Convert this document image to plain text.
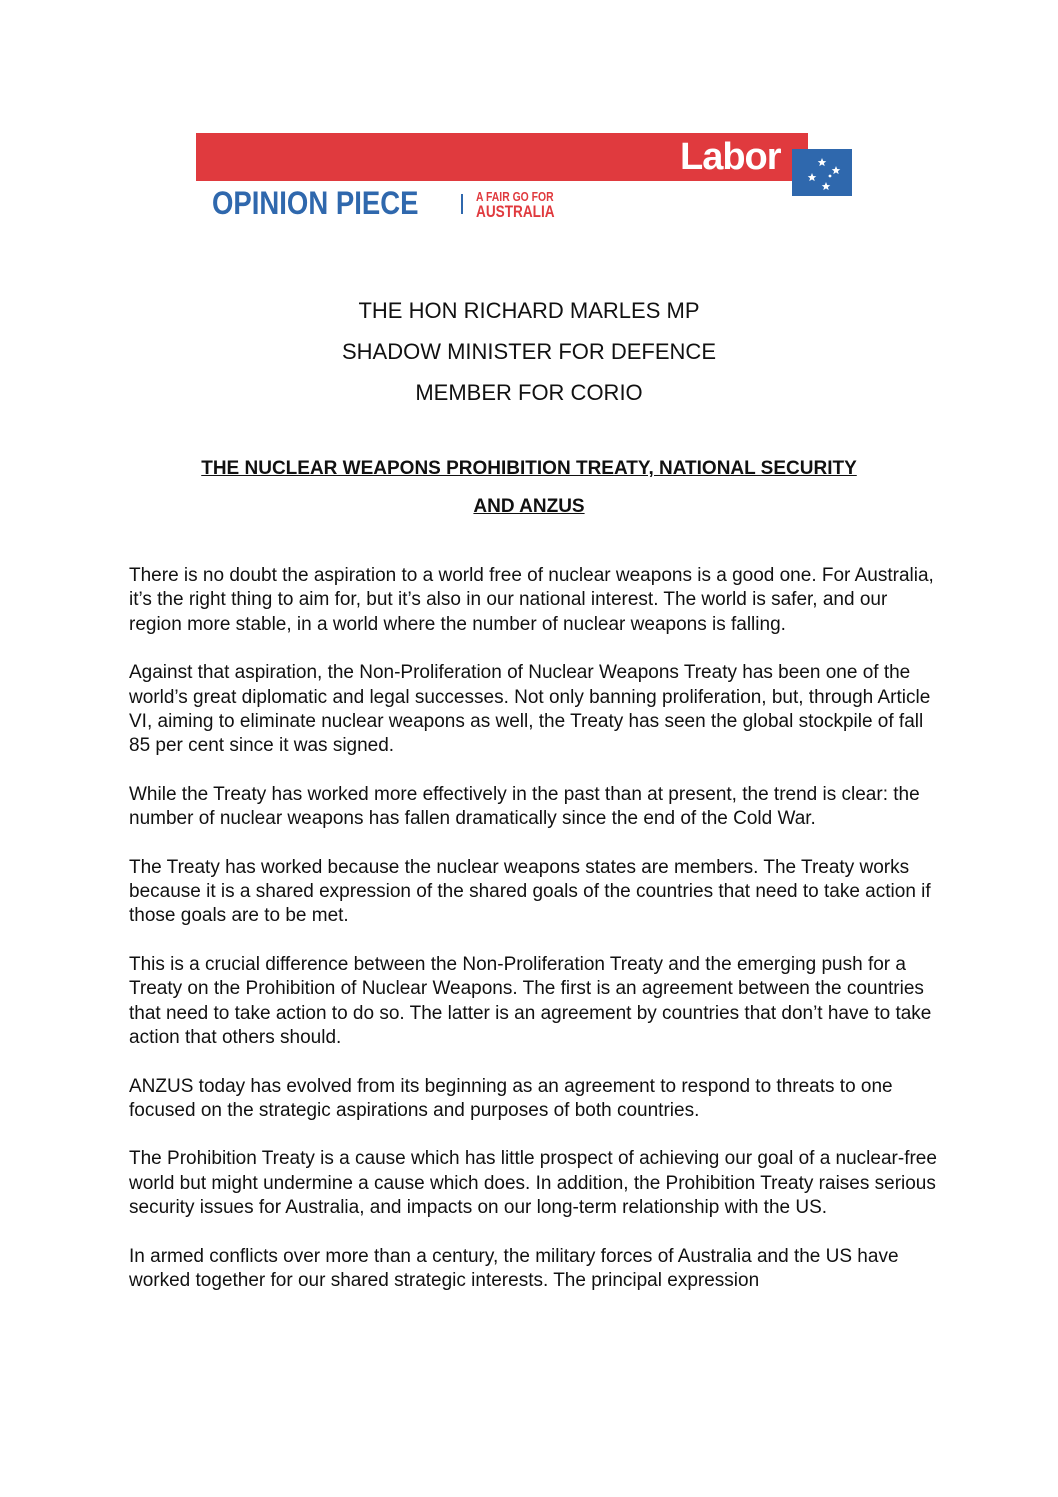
Labor
OPINION PIECE	A FAIR GO FOR
AUSTRALIA
THE HON RICHARD MARLES MP
SHADOW MINISTER FOR DEFENCE
MEMBER FOR CORIO
THE NUCLEAR WEAPONS PROHIBITION TREATY, NATIONAL SECURITY
AND ANZUS

There is no doubt the aspiration to a world free of nuclear weapons is a good one. For Australia, it’s the right thing to aim for, but it’s also in our national interest. The world is safer, and our region more stable, in a world where the number of nuclear weapons is falling.

Against that aspiration, the Non-Proliferation of Nuclear Weapons Treaty has been one of the world’s great diplomatic and legal successes. Not only banning proliferation, but, through Article VI, aiming to eliminate nuclear weapons as well, the Treaty has seen the global stockpile of fall 85 per cent since it was signed.

While the Treaty has worked more effectively in the past than at present, the trend is clear: the number of nuclear weapons has fallen dramatically since the end of the Cold War.

The Treaty has worked because the nuclear weapons states are members. The Treaty works because it is a shared expression of the shared goals of the countries that need to take action if those goals are to be met.

This is a crucial difference between the Non-Proliferation Treaty and the emerging push for a Treaty on the Prohibition of Nuclear Weapons. The first is an agreement between the countries that need to take action to do so. The latter is an agreement by countries that don’t have to take action that others should.

ANZUS today has evolved from its beginning as an agreement to respond to threats to one focused on the strategic aspirations and purposes of both countries.

The Prohibition Treaty is a cause which has little prospect of achieving our goal of a nuclear-free world but might undermine a cause which does. In addition, the Prohibition Treaty raises serious security issues for Australia, and impacts on our long-term relationship with the US.

In armed conflicts over more than a century, the military forces of Australia and the US have worked together for our shared strategic interests. The principal expression
